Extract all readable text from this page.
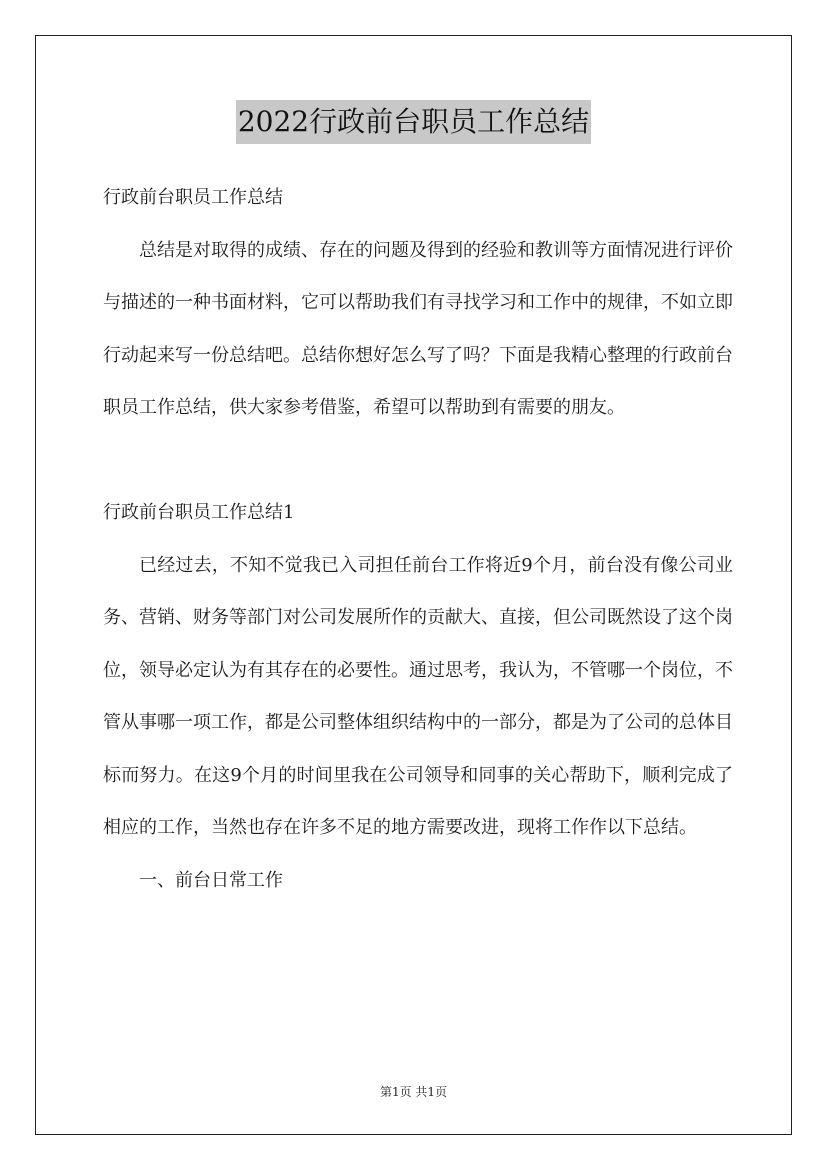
2022行政前台职员工作总结

行政前台职员工作总结

总结是对取得的成绩、存在的问题及得到的经验和教训等方面情况进行评价与描述的一种书面材料，它可以帮助我们有寻找学习和工作中的规律，不如立即行动起来写一份总结吧。总结你想好怎么写了吗？下面是我精心整理的行政前台职员工作总结，供大家参考借鉴，希望可以帮助到有需要的朋友。

行政前台职员工作总结1

已经过去，不知不觉我已入司担任前台工作将近9个月，前台没有像公司业务、营销、财务等部门对公司发展所作的贡献大、直接，但公司既然设了这个岗位，领导必定认为有其存在的必要性。通过思考，我认为，不管哪一个岗位，不管从事哪一项工作，都是公司整体组织结构中的一部分，都是为了公司的总体目标而努力。在这9个月的时间里我在公司领导和同事的关心帮助下，顺利完成了相应的工作，当然也存在许多不足的地方需要改进，现将工作作以下总结。

一、前台日常工作

第1页 共1页
